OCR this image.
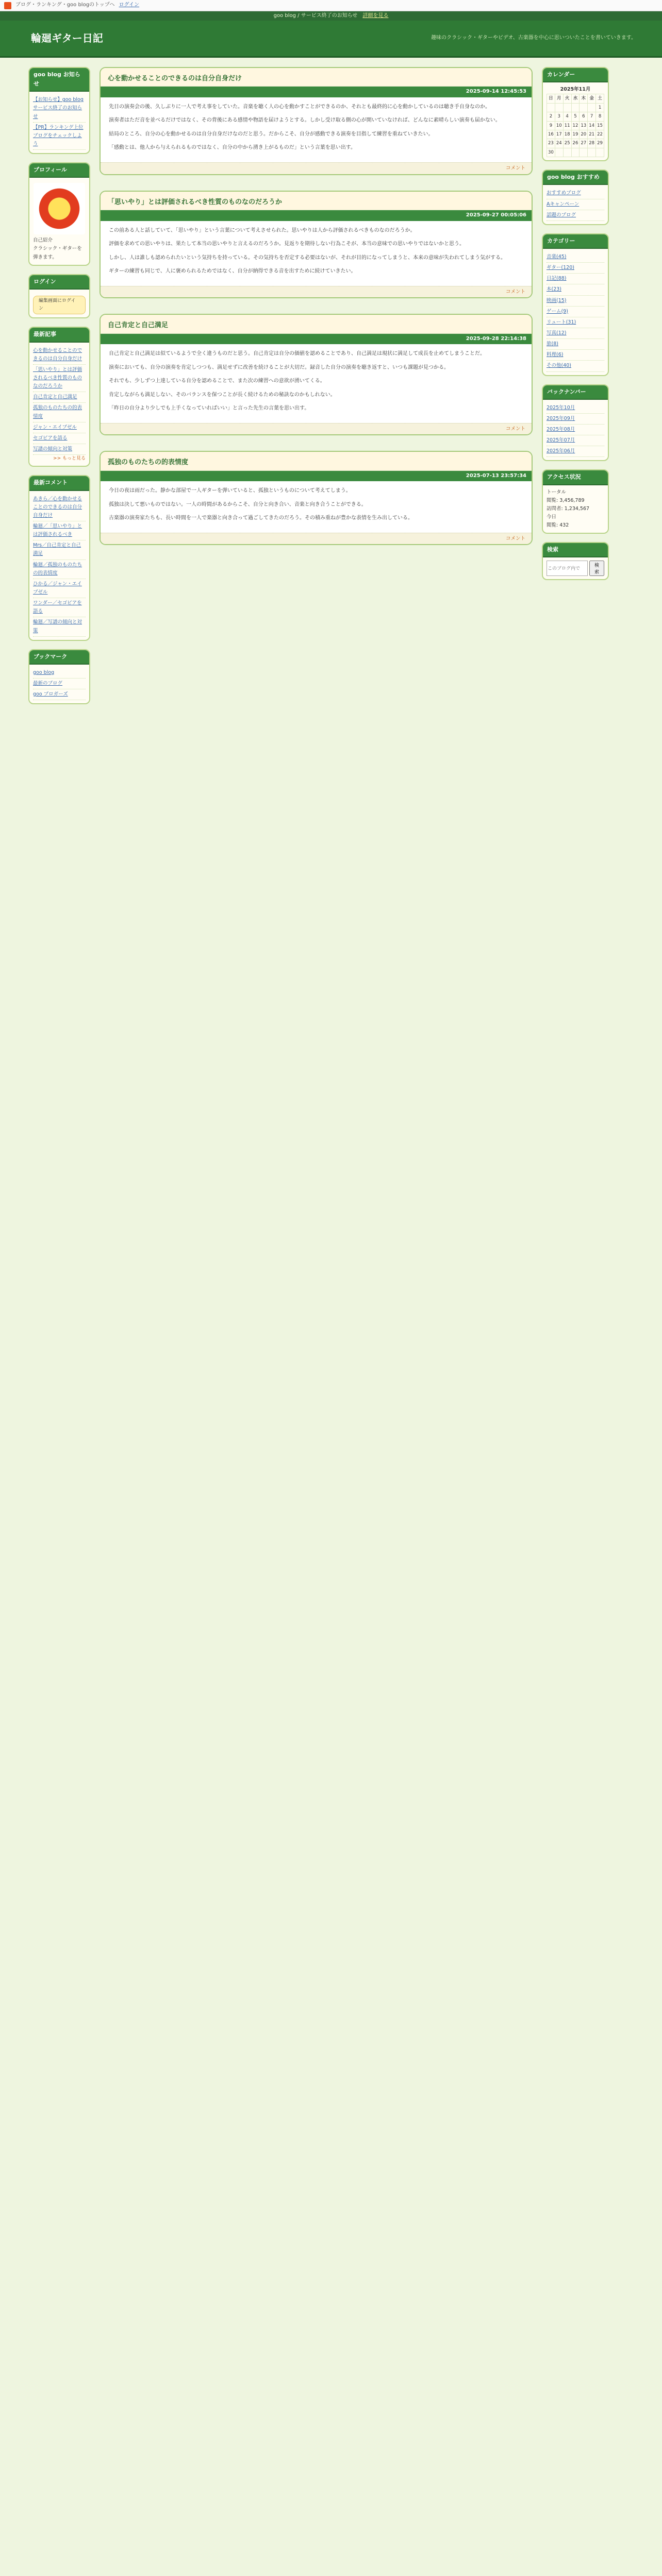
ブログ・ランキング・goo blogのトップへ ログイン
goo blog / サービス終了のお知らせ 詳細を見る
輪廻ギター日記	趣味のクラシック・ギターやビデオ、古楽器を中心に思いついたことを書いていきます。
goo blog お知らせ
【お知らせ】goo blogサービス終了のお知らせ
【PR】ランキング上位ブログをチェックしよう
プロフィール
自己紹介
クラシック・ギターを弾きます。
ログイン
編集画面にログイン
最新記事
心を動かせることのできるのは自分自身だけ
「思いやり」とは評価されるべき性質のものなのだろうか
自己肯定と自己満足
孤独のものたちの的表情度
ジャン・エイブゼル
セゴビアを語る
写譜の傾向と対策
>> もっと見る
最新コメント
あきら／心を動かせることのできるのは自分自身だけ
輪廻／「思いやり」とは評価されるべき
Mrs／自己肯定と自己満足
輪廻／孤独のものたちの的表情度
ひかる／ジャン・エイブゼル
ワンダー／セゴビアを語る
輪廻／写譜の傾向と対策
ブックマーク
goo blog
最新のブログ
goo ブロガーズ
心を動かせることのできるのは自分自身だけ
2025-09-14 12:45:53

先日の演奏会の後、久しぶりに一人で考え事をしていた。音楽を聴く人の心を動かすことができるのか、それとも最終的に心を動かしているのは聴き手自身なのか。

演奏者はただ音を並べるだけではなく、その背後にある感情や物語を届けようとする。しかし受け取る側の心が開いていなければ、どんなに素晴らしい演奏も届かない。

結局のところ、自分の心を動かせるのは自分自身だけなのだと思う。だからこそ、自分が感動できる演奏を目指して練習を重ねていきたい。

「感動とは、他人から与えられるものではなく、自分の中から湧き上がるものだ」という言葉を思い出す。

コメント
「思いやり」とは評価されるべき性質のものなのだろうか
2025-09-27 00:05:06

この前ある人と話していて、「思いやり」という言葉について考えさせられた。思いやりは人から評価されるべきものなのだろうか。

評価を求めての思いやりは、果たして本当の思いやりと言えるのだろうか。見返りを期待しない行為こそが、本当の意味での思いやりではないかと思う。

しかし、人は誰しも認められたいという気持ちを持っている。その気持ちを否定する必要はないが、それが目的になってしまうと、本来の意味が失われてしまう気がする。

ギターの練習も同じで、人に褒められるためではなく、自分が納得できる音を出すために続けていきたい。

コメント
自己肯定と自己満足
2025-09-28 22:14:38

自己肯定と自己満足は似ているようで全く違うものだと思う。自己肯定は自分の価値を認めることであり、自己満足は現状に満足して成長を止めてしまうことだ。

演奏においても、自分の演奏を肯定しつつも、満足せずに改善を続けることが大切だ。録音した自分の演奏を聴き返すと、いつも課題が見つかる。

それでも、少しずつ上達している自分を認めることで、また次の練習への意欲が湧いてくる。

肯定しながらも満足しない、そのバランスを保つことが長く続けるための秘訣なのかもしれない。

「昨日の自分より少しでも上手くなっていればいい」と言った先生の言葉を思い出す。

コメント
孤独のものたちの的表情度
2025-07-13 23:57:34

今日の夜は雨だった。静かな部屋で一人ギターを弾いていると、孤独というものについて考えてしまう。

孤独は決して悪いものではない。一人の時間があるからこそ、自分と向き合い、音楽と向き合うことができる。

古楽器の演奏家たちも、長い時間を一人で楽器と向き合って過ごしてきたのだろう。その積み重ねが豊かな表情を生み出している。

コメント
カレンダー
2025年11月
日	月	火	水	木	金	土
						1
2	3	4	5	6	7	8
9	10	11	12	13	14	15
16	17	18	19	20	21	22
23	24	25	26	27	28	29
30						
goo blog おすすめ
おすすめブログ
Aキャンペーン
話題のブログ
カテゴリー
音楽(45)
ギター(120)
日記(88)
本(23)
映画(15)
ゲーム(9)
リュート(31)
写真(12)
旅(8)
料理(6)
その他(40)
バックナンバー
2025年10月
2025年09月
2025年08月
2025年07月
2025年06月
アクセス状況
トータル
閲覧: 3,456,789
訪問者: 1,234,567
今日
閲覧: 432
検索
このブログ内で
検索
